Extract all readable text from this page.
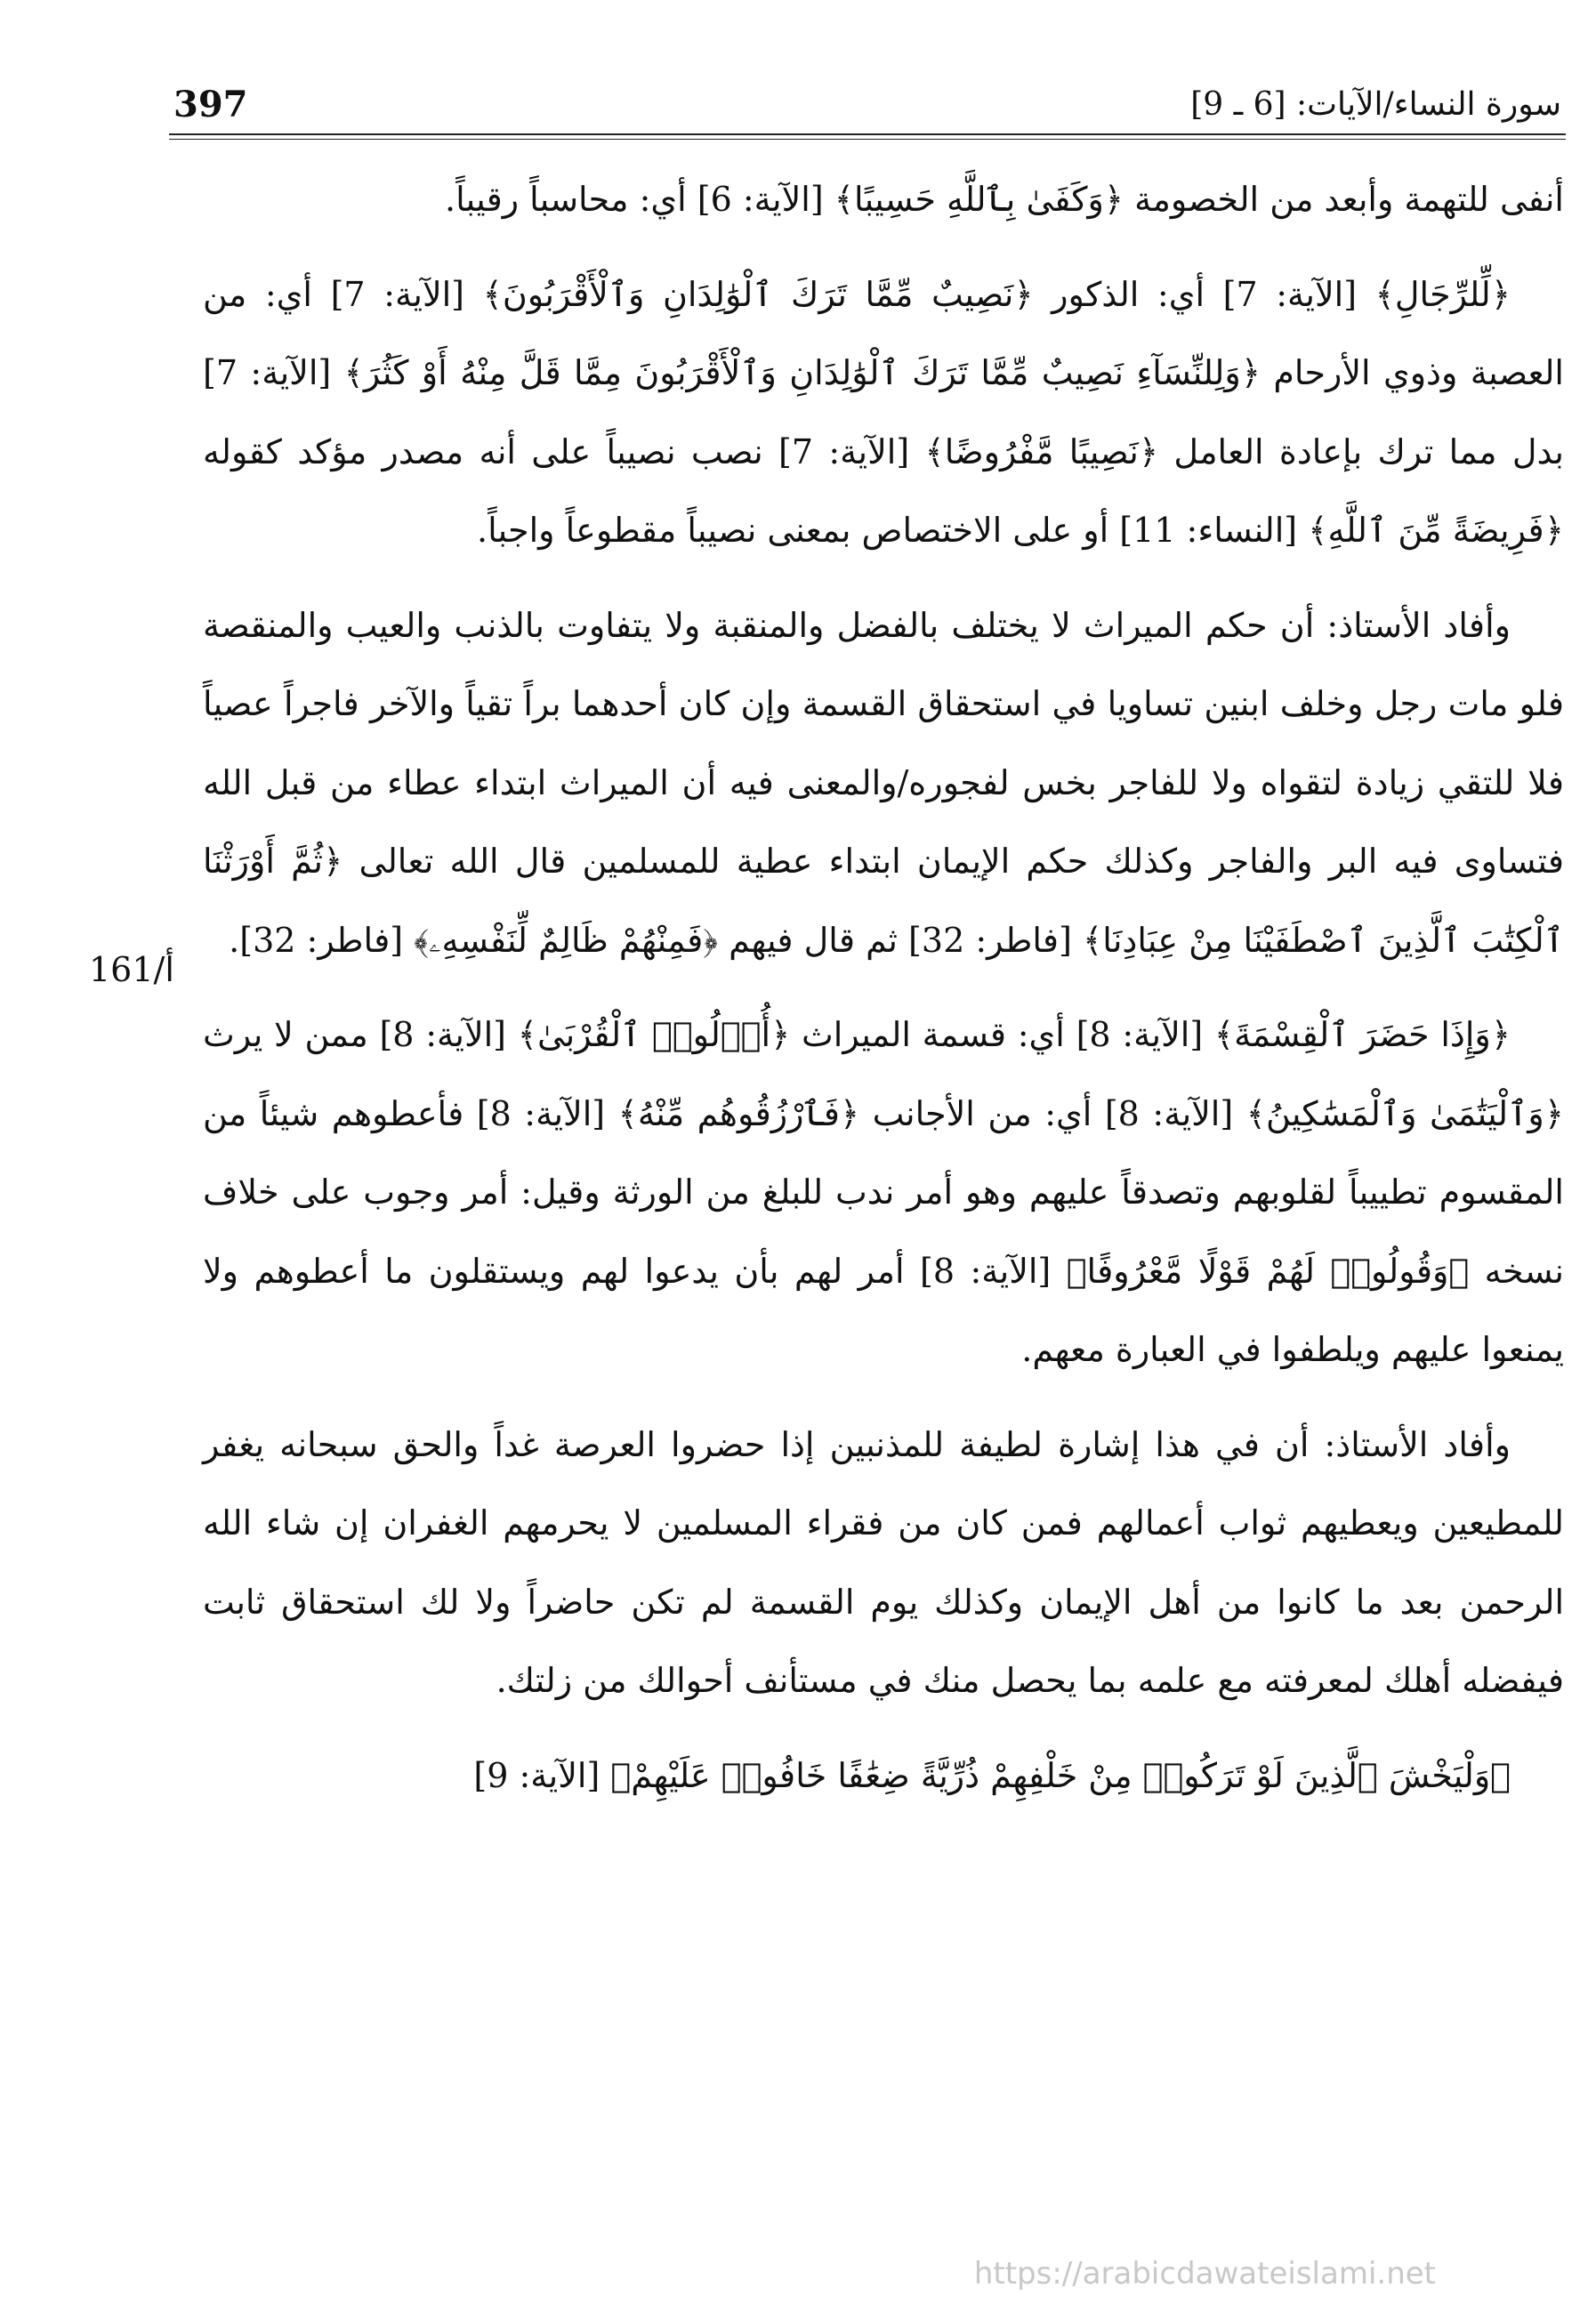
397	سورة النساء/الآيات: [6 ـ 9]
161/أ

أنفى للتهمة وأبعد من الخصومة ﴿وَكَفَىٰ بِٱللَّهِ حَسِيبًا﴾ [الآية: 6] أي: محاسباً رقيباً.

﴿لِّلرِّجَالِ﴾ [الآية: 7] أي: الذكور ﴿نَصِيبٌ مِّمَّا تَرَكَ ٱلْوَٰلِدَانِ وَٱلْأَقْرَبُونَ﴾ [الآية: 7] أي: من العصبة وذوي الأرحام ﴿وَلِلنِّسَآءِ نَصِيبٌ مِّمَّا تَرَكَ ٱلْوَٰلِدَانِ وَٱلْأَقْرَبُونَ مِمَّا قَلَّ مِنْهُ أَوْ كَثُرَ﴾ [الآية: 7] بدل مما ترك بإعادة العامل ﴿نَصِيبًا مَّفْرُوضًا﴾ [الآية: 7] نصب نصيباً على أنه مصدر مؤكد كقوله ﴿فَرِيضَةً مِّنَ ٱللَّهِ﴾ [النساء: 11] أو على الاختصاص بمعنى نصيباً مقطوعاً واجباً.

وأفاد الأستاذ: أن حكم الميراث لا يختلف بالفضل والمنقبة ولا يتفاوت بالذنب والعيب والمنقصة فلو مات رجل وخلف ابنين تساويا في استحقاق القسمة وإن كان أحدهما براً تقياً والآخر فاجراً عصياً فلا للتقي زيادة لتقواه ولا للفاجر بخس لفجوره/والمعنى فيه أن الميراث ابتداء عطاء من قبل الله فتساوى فيه البر والفاجر وكذلك حكم الإيمان ابتداء عطية للمسلمين قال الله تعالى ﴿ثُمَّ أَوْرَثْنَا ٱلْكِتَٰبَ ٱلَّذِينَ ٱصْطَفَيْنَا مِنْ عِبَادِنَا﴾ [فاطر: 32] ثم قال فيهم ﴿فَمِنْهُمْ ظَالِمٌ لِّنَفْسِهِۦ﴾ [فاطر: 32].

﴿وَإِذَا حَضَرَ ٱلْقِسْمَةَ﴾ [الآية: 8] أي: قسمة الميراث ﴿أُو۟لُوا۟ ٱلْقُرْبَىٰ﴾ [الآية: 8] ممن لا يرث ﴿وَٱلْيَتَٰمَىٰ وَٱلْمَسَٰكِينُ﴾ [الآية: 8] أي: من الأجانب ﴿فَٱرْزُقُوهُم مِّنْهُ﴾ [الآية: 8] فأعطوهم شيئاً من المقسوم تطييباً لقلوبهم وتصدقاً عليهم وهو أمر ندب للبلغ من الورثة وقيل: أمر وجوب على خلاف نسخه ﴿وَقُولُوا۟ لَهُمْ قَوْلًا مَّعْرُوفًا﴾ [الآية: 8] أمر لهم بأن يدعوا لهم ويستقلون ما أعطوهم ولا يمنعوا عليهم ويلطفوا في العبارة معهم.

وأفاد الأستاذ: أن في هذا إشارة لطيفة للمذنبين إذا حضروا العرصة غداً والحق سبحانه يغفر للمطيعين ويعطيهم ثواب أعمالهم فمن كان من فقراء المسلمين لا يحرمهم الغفران إن شاء الله الرحمن بعد ما كانوا من أهل الإيمان وكذلك يوم القسمة لم تكن حاضراً ولا لك استحقاق ثابت فيفضله أهلك لمعرفته مع علمه بما يحصل منك في مستأنف أحوالك من زلتك.

﴿وَلْيَخْشَ ٱلَّذِينَ لَوْ تَرَكُوا۟ مِنْ خَلْفِهِمْ ذُرِّيَّةً ضِعَٰفًا خَافُوا۟ عَلَيْهِمْ﴾ [الآية: 9]

https://arabicdawateislami.net
